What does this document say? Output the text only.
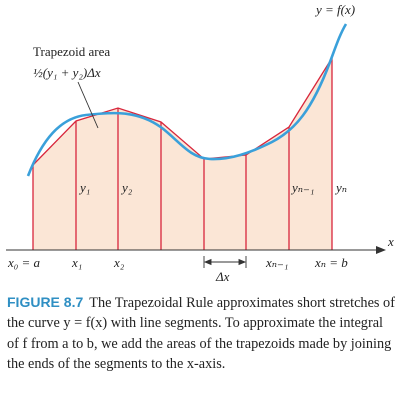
x
y = f(x)
Trapezoid area
½(y₁ + y₂)Δx
y₁ y₂	yₙ₋₁ yₙ
x₀ = a x₁ x₂	xₙ₋₁ xₙ = b
Δx
FIGURE 8.7 The Trapezoidal Rule approximates short stretches of the curve y = f(x) with line segments. To approximate the integral of f from a to b, we add the areas of the trapezoids made by joining the ends of the segments to the x-axis.
